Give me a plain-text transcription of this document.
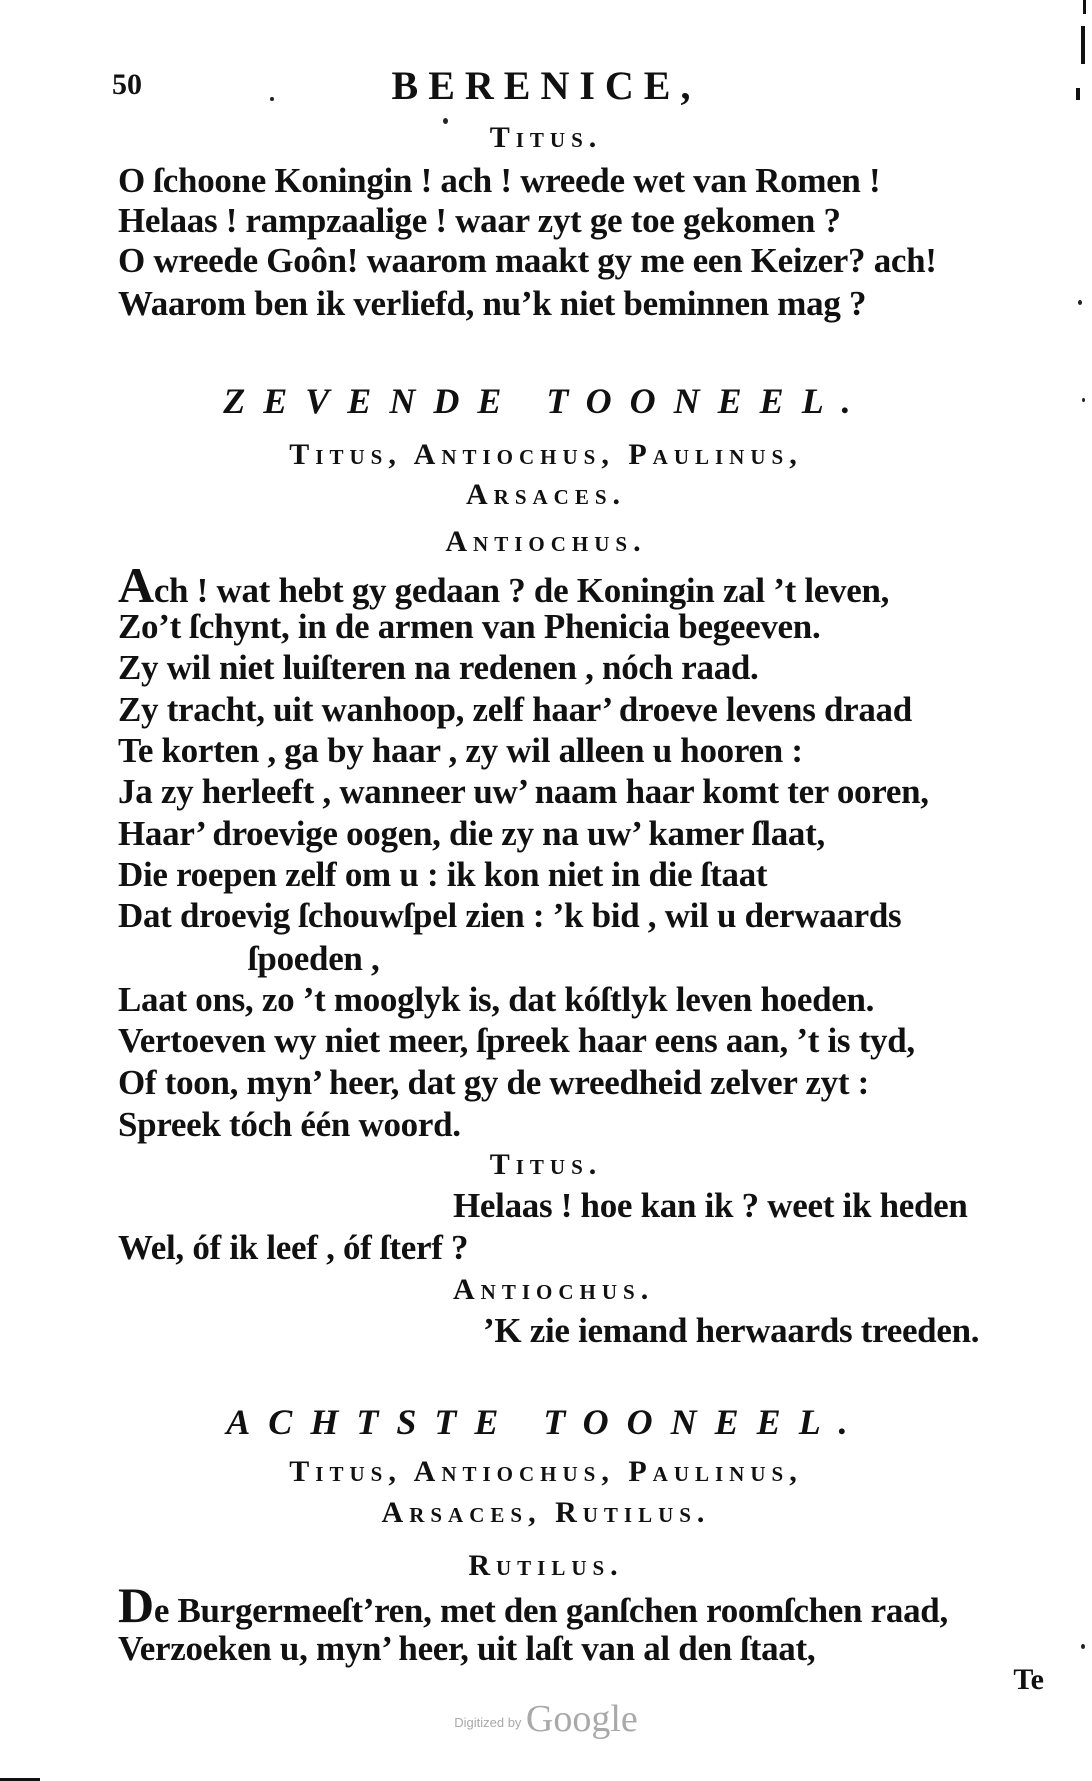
50	BERENICE,
Titus.
O ſchoone Koningin ! ach ! wreede wet van Romen !
Helaas ! rampzaalige ! waar zyt ge toe gekomen ?
O wreede Goôn! waarom maakt gy me een Keizer? ach!
Waarom ben ik verliefd, nu’k niet beminnen mag ?
ZEVENDE TOONEEL.
Titus, Antiochus, Paulinus,
Arsaces.
Antiochus.
Ach ! wat hebt gy gedaan ? de Koningin zal ’t leven,
Zo’t ſchynt, in de armen van Phenicia begeeven.
Zy wil niet luiſteren na redenen , nóch raad.
Zy tracht, uit wanhoop, zelf haar’ droeve levens draad
Te korten , ga by haar , zy wil alleen u hooren :
Ja zy herleeft , wanneer uw’ naam haar komt ter ooren,
Haar’ droevige oogen, die zy na uw’ kamer ſlaat,
Die roepen zelf om u : ik kon niet in die ſtaat
Dat droevig ſchouwſpel zien : ’k bid , wil u derwaards
ſpoeden ,
Laat ons, zo ’t mooglyk is, dat kóſtlyk leven hoeden.
Vertoeven wy niet meer, ſpreek haar eens aan, ’t is tyd,
Of toon, myn’ heer, dat gy de wreedheid zelver zyt :
Spreek tóch één woord.
Titus.
Helaas ! hoe kan ik ? weet ik heden
Wel, óf ik leef , óf ſterf ?
Antiochus.
’K zie iemand herwaards treeden.
ACHTSTE TOONEEL.
Titus, Antiochus, Paulinus,
Arsaces, Rutilus.
Rutilus.
De Burgermeeſt’ren, met den ganſchen roomſchen raad,
Verzoeken u, myn’ heer, uit laſt van al den ſtaat,
Te
$^{Digitized by}$ Google
